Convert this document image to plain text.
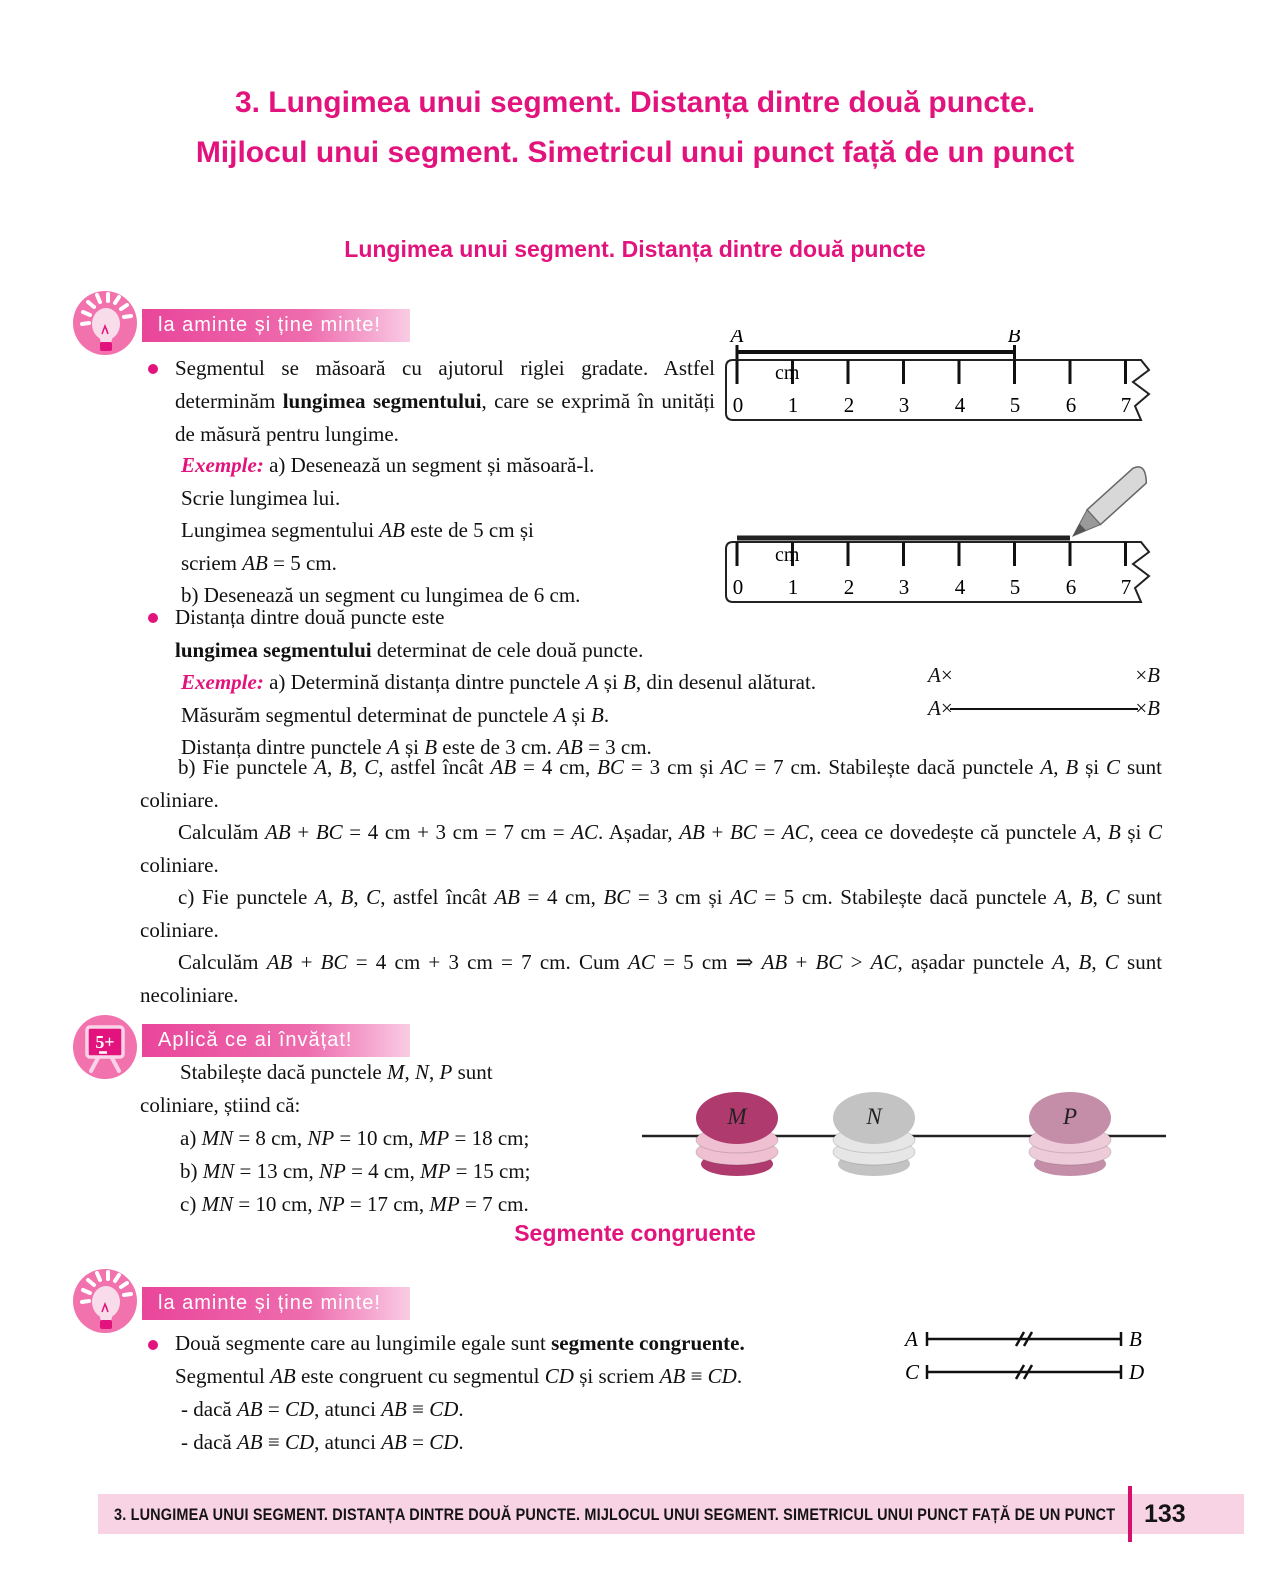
3. Lungimea unui segment. Distanța dintre două puncte.
Mijlocul unui segment. Simetricul unui punct față de un punct
Lungimea unui segment. Distanța dintre două puncte
la aminte și ține minte!
Segmentul se măsoară cu ajutorul riglei gradate. Astfel determinăm lungimea segmentului, care se exprimă în unități de măsură pentru lungime.
Exemple: a) Desenează un segment și măsoară-l.
Scrie lungimea lui.
Lungimea segmentului AB este de 5 cm și
scriem AB = 5 cm.
b) Desenează un segment cu lungimea de 6 cm.
cm
0 1 2 3 4 5 6 7
A	B
cm
0 1 2 3 4 5 6 7
Distanța dintre două puncte este
lungimea segmentului determinat de cele două puncte.
Exemple: a) Determină distanța dintre punctele A și B, din desenul alăturat.
Măsurăm segmentul determinat de punctele A și B.
Distanța dintre punctele A și B este de 3 cm. AB = 3 cm.
A×	×B
A ×	× B

b) Fie punctele A, B, C, astfel încât AB = 4 cm, BC = 3 cm și AC = 7 cm. Stabilește dacă punctele A, B și C sunt coliniare.

Calculăm AB + BC = 4 cm + 3 cm = 7 cm = AC. Așadar, AB + BC = AC, ceea ce dovedește că punctele A, B și C coliniare.

c) Fie punctele A, B, C, astfel încât AB = 4 cm, BC = 3 cm și AC = 5 cm. Stabilește dacă punctele A, B, C sunt coliniare.

Calculăm AB + BC = 4 cm + 3 cm = 7 cm. Cum AC = 5 cm ⇒ AB + BC > AC, așadar punctele A, B, C sunt necoliniare.

5+	Aplică ce ai învățat!
Stabilește dacă punctele M, N, P sunt
coliniare, știind că:
a) MN = 8 cm, NP = 10 cm, MP = 18 cm;
b) MN = 13 cm, NP = 4 cm, MP = 15 cm;
c) MN = 10 cm, NP = 17 cm, MP = 7 cm.
M	N	P
Segmente congruente
la aminte și ține minte!
Două segmente care au lungimile egale sunt segmente congruente.
Segmentul AB este congruent cu segmentul CD și scriem AB ≡ CD.
- dacă AB = CD, atunci AB ≡ CD.
- dacă AB ≡ CD, atunci AB = CD.
A	B
C	D
3. LUNGIMEA UNUI SEGMENT. DISTANȚA DINTRE DOUĂ PUNCTE. MIJLOCUL UNUI SEGMENT. SIMETRICUL UNUI PUNCT FAȚĂ DE UN PUNCT 133
